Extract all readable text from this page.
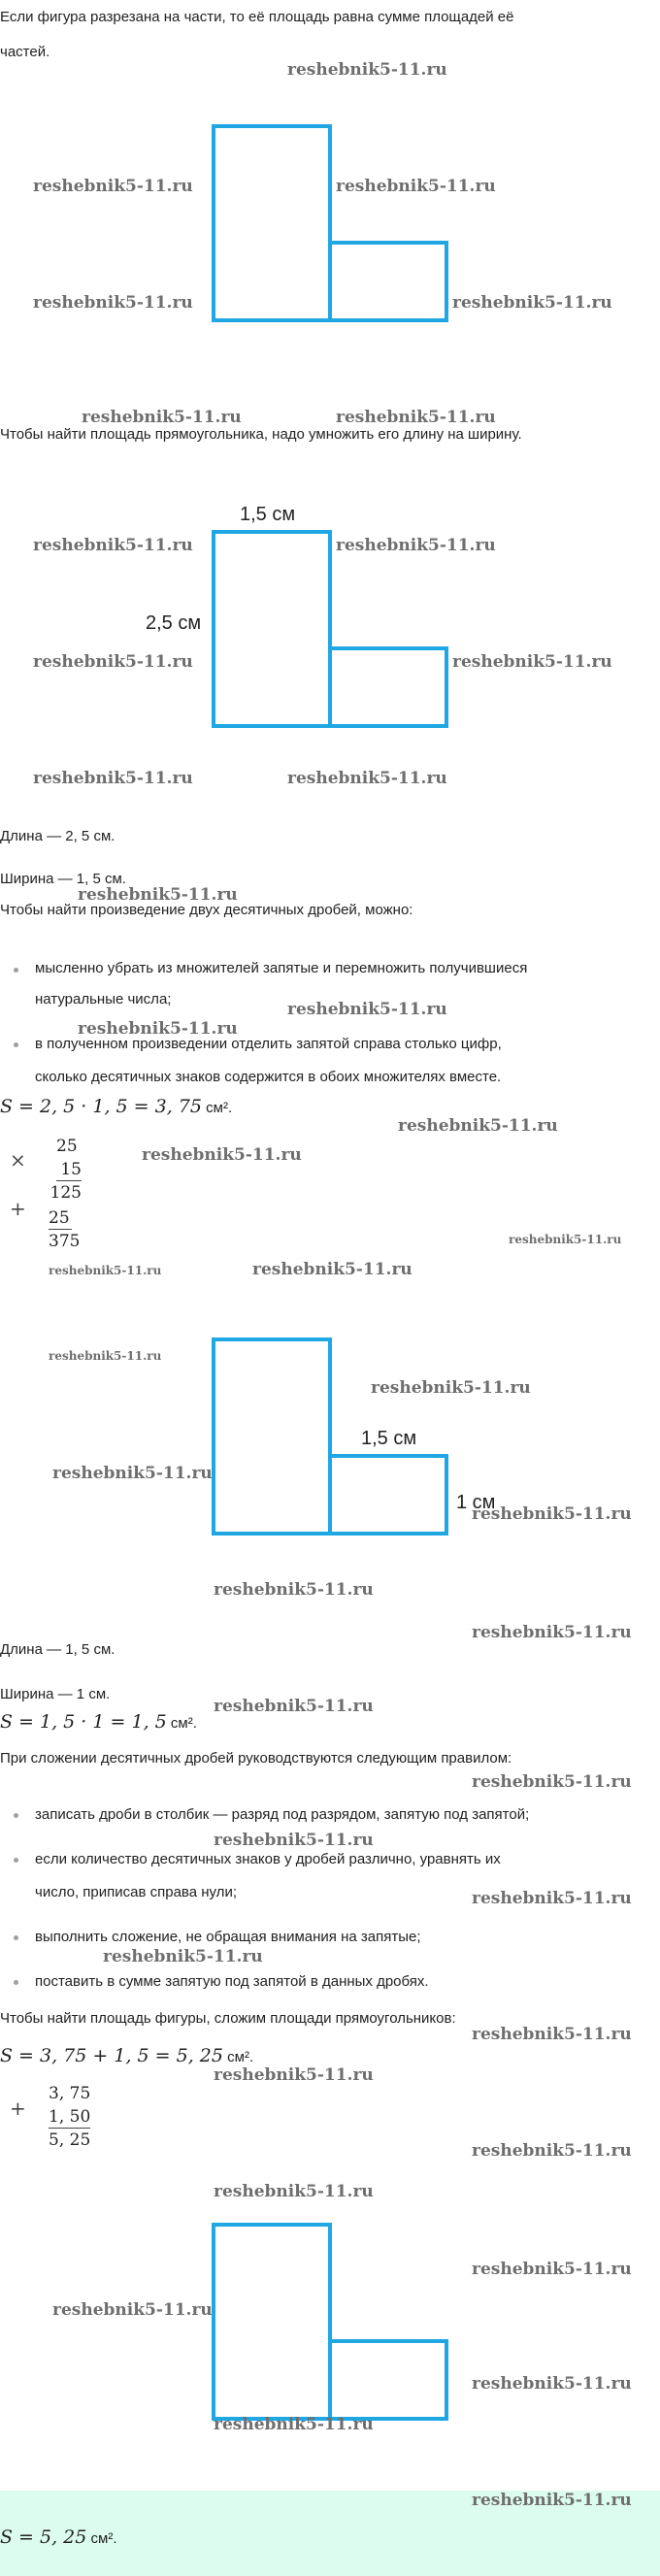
Если фигура разрезана на части, то её площадь равна сумме площадей её
частей.
Чтобы найти площадь прямоугольника, надо умножить его длину на ширину.
1,5 см
2,5 см
Длина — 2, 5 см.
Ширина — 1, 5 см.
Чтобы найти произведение двух десятичных дробей, можно:
мысленно убрать из множителей запятые и перемножить получившиеся
натуральные числа;
в полученном произведении отделить запятой справа столько цифр,
сколько десятичных знаков содержится в обоих множителях вместе.
S = 2, 5 · 1, 5 = 3, 75 см².
×
+
25
15
125
25
375
1,5 см
1 см
Длина — 1, 5 см.
Ширина — 1 см.
S = 1, 5 · 1 = 1, 5 см².
При сложении десятичных дробей руководствуются следующим правилом:
записать дроби в столбик — разряд под разрядом, запятую под запятой;
если количество десятичных знаков у дробей различно, уравнять их
число, приписав справа нули;
выполнить сложение, не обращая внимания на запятые;
поставить в сумме запятую под запятой в данных дробях.
Чтобы найти площадь фигуры, сложим площади прямоугольников:
S = 3, 75 + 1, 5 = 5, 25 см².
+
3, 75
1, 50
5, 25
S = 5, 25 см².
reshebnik5-11.ru
reshebnik5-11.ru	reshebnik5-11.ru
reshebnik5-11.ru	reshebnik5-11.ru
reshebnik5-11.ru	reshebnik5-11.ru
reshebnik5-11.ru	reshebnik5-11.ru
reshebnik5-11.ru	reshebnik5-11.ru
reshebnik5-11.ru	reshebnik5-11.ru
reshebnik5-11.ru
reshebnik5-11.ru
reshebnik5-11.ru
reshebnik5-11.ru
reshebnik5-11.ru
reshebnik5-11.ru
reshebnik5-11.ru	reshebnik5-11.ru
reshebnik5-11.ru
reshebnik5-11.ru
reshebnik5-11.ru
reshebnik5-11.ru
reshebnik5-11.ru
reshebnik5-11.ru
reshebnik5-11.ru
reshebnik5-11.ru
reshebnik5-11.ru
reshebnik5-11.ru
reshebnik5-11.ru
reshebnik5-11.ru
reshebnik5-11.ru
reshebnik5-11.ru
reshebnik5-11.ru
reshebnik5-11.ru
reshebnik5-11.ru
reshebnik5-11.ru
reshebnik5-11.ru
reshebnik5-11.ru
